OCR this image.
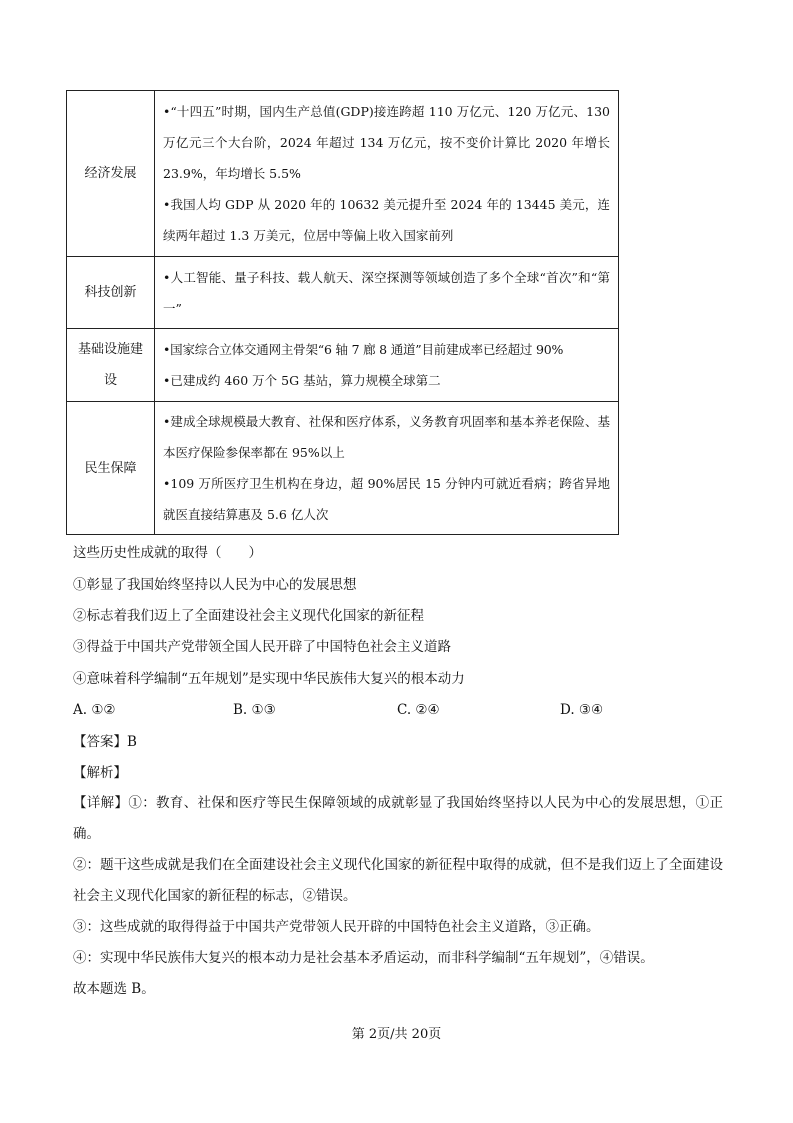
经济发展	•“十四五”时期，国内生产总值(GDP)接连跨超 110 万亿元、120 万亿元、130 万亿元三个大台阶，2024 年超过 134 万亿元，按不变价计算比 2020 年增长 23.9%，年均增长 5.5%
•我国人均 GDP 从 2020 年的 10632 美元提升至 2024 年的 13445 美元，连续两年超过 1.3 万美元，位居中等偏上收入国家前列

科技创新	•人工智能、量子科技、载人航天、深空探测等领域创造了多个全球“首次”和“第一”

基础设施建设	•国家综合立体交通网主骨架“6 轴 7 廊 8 通道”目前建成率已经超过 90%
•已建成约 460 万个 5G 基站，算力规模全球第二

民生保障	•建成全球规模最大教育、社保和医疗体系，义务教育巩固率和基本养老保险、基本医疗保险参保率都在 95%以上
•109 万所医疗卫生机构在身边，超 90%居民 15 分钟内可就近看病；跨省异地就医直接结算惠及 5.6 亿人次
这些历史性成就的取得（　　）
①彰显了我国始终坚持以人民为中心的发展思想
②标志着我们迈上了全面建设社会主义现代化国家的新征程
③得益于中国共产党带领全国人民开辟了中国特色社会主义道路
④意味着科学编制“五年规划”是实现中华民族伟大复兴的根本动力
A. ①②	B. ①③	C. ②④	D. ③④
【答案】B
【解析】

【详解】①：教育、社保和医疗等民生保障领域的成就彰显了我国始终坚持以人民为中心的发展思想，①正确。

②：题干这些成就是我们在全面建设社会主义现代化国家的新征程中取得的成就，但不是我们迈上了全面建设社会主义现代化国家的新征程的标志，②错误。

③：这些成就的取得得益于中国共产党带领人民开辟的中国特色社会主义道路，③正确。

④：实现中华民族伟大复兴的根本动力是社会基本矛盾运动，而非科学编制“五年规划”，④错误。

故本题选 B。

第 2页/共 20页
